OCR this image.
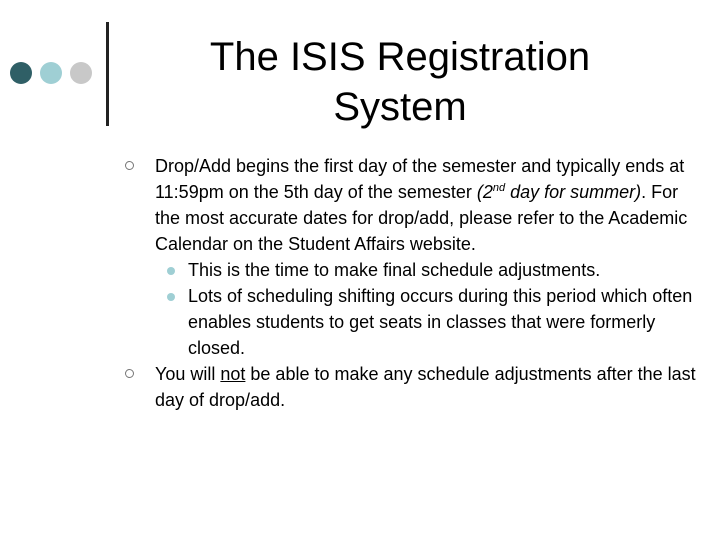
The ISIS Registration
System

Drop/Add begins the first day of the semester and typically ends at 11:59pm on the 5th day of the semester (2nd day for summer). For the most accurate dates for drop/add, please refer to the Academic Calendar on the Student Affairs website.

This is the time to make final schedule adjustments.

Lots of scheduling shifting occurs during this period which often enables students to get seats in classes that were formerly closed.

You will not be able to make any schedule adjustments after the last day of drop/add.
